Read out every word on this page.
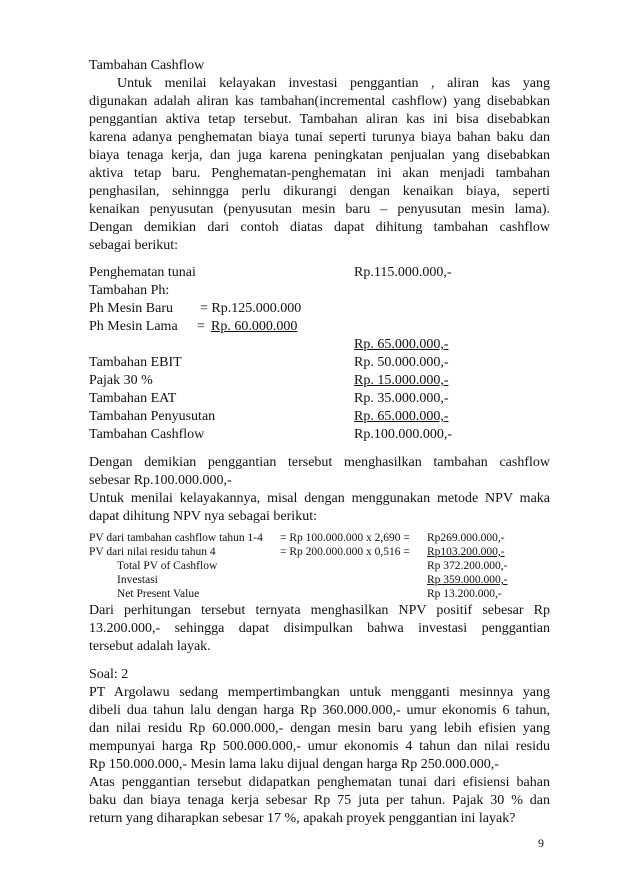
Tambahan Cashflow
Untuk menilai kelayakan investasi penggantian , aliran kas yang
digunakan adalah aliran kas tambahan(incremental cashflow) yang disebabkan
penggantian aktiva tetap tersebut. Tambahan aliran kas ini bisa disebabkan
karena adanya penghematan biaya tunai seperti turunya biaya bahan baku dan
biaya tenaga kerja, dan juga karena peningkatan penjualan yang disebabkan
aktiva tetap baru. Penghematan-penghematan ini akan menjadi tambahan
penghasilan, sehinngga perlu dikurangi dengan kenaikan biaya, seperti
kenaikan penyusutan (penyusutan mesin baru – penyusutan mesin lama).
Dengan demikian dari contoh diatas dapat dihitung tambahan cashflow
sebagai berikut:
Penghematan tunai	Rp.115.000.000,-
Tambahan Ph:
Ph Mesin Baru = Rp.125.000.000
Ph Mesin Lama = Rp. 60.000.000
Rp. 65.000.000,-
Tambahan EBIT	Rp. 50.000.000,-
Pajak 30 %	Rp. 15.000.000,-
Tambahan EAT	Rp. 35.000.000,-
Tambahan Penyusutan	Rp. 65.000.000,-
Tambahan Cashflow	Rp.100.000.000,-
Dengan demikian penggantian tersebut menghasilkan tambahan cashflow
sebesar Rp.100.000.000,-
Untuk menilai kelayakannya, misal dengan menggunakan metode NPV maka
dapat dihitung NPV nya sebagai berikut:
PV dari tambahan cashflow tahun 1-4 = Rp 100.000.000 x 2,690 = Rp269.000.000,-
PV dari nilai residu tahun 4	= Rp 200.000.000 x 0,516 = Rp103.200.000,-
Total PV of Cashflow	Rp 372.200.000,-
Investasi	Rp 359.000.000,-
Net Present Value	Rp 13.200.000,-
Dari perhitungan tersebut ternyata menghasilkan NPV positif sebesar Rp
13.200.000,- sehingga dapat disimpulkan bahwa investasi penggantian
tersebut adalah layak.
Soal: 2
PT Argolawu sedang mempertimbangkan untuk mengganti mesinnya yang
dibeli dua tahun lalu dengan harga Rp 360.000.000,- umur ekonomis 6 tahun,
dan nilai residu Rp 60.000.000,- dengan mesin baru yang lebih efisien yang
mempunyai harga Rp 500.000.000,- umur ekonomis 4 tahun dan nilai residu
Rp 150.000.000,- Mesin lama laku dijual dengan harga Rp 250.000.000,-
Atas penggantian tersebut didapatkan penghematan tunai dari efisiensi bahan
baku dan biaya tenaga kerja sebesar Rp 75 juta per tahun. Pajak 30 % dan
return yang diharapkan sebesar 17 %, apakah proyek penggantian ini layak?
9
